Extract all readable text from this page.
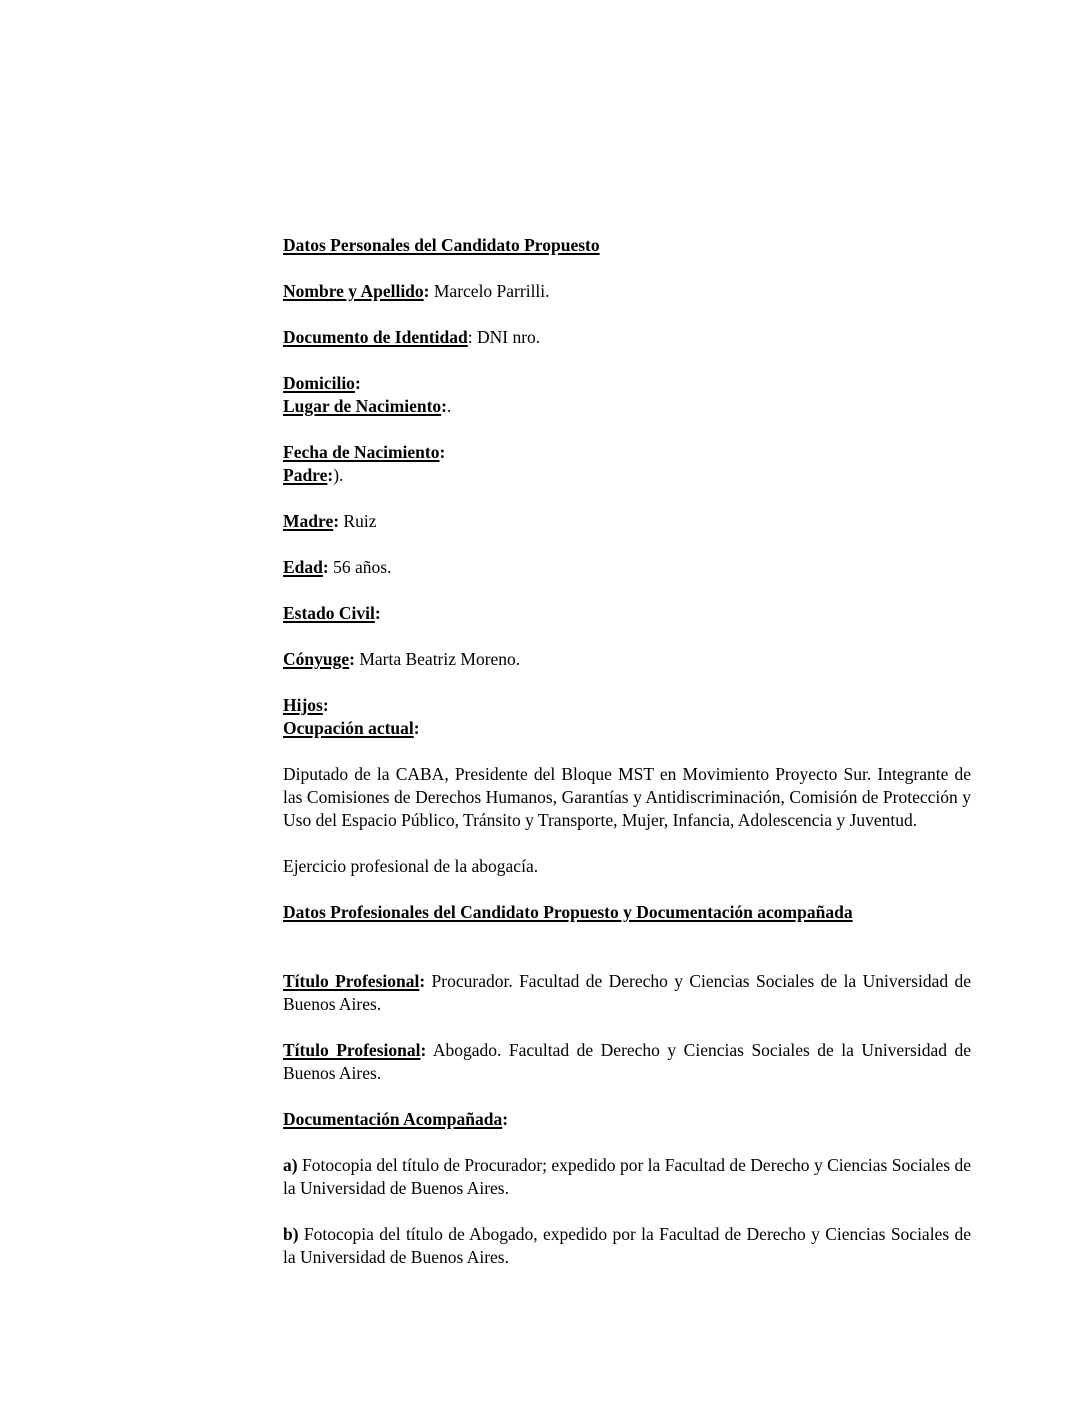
Datos Personales del Candidato Propuesto
Nombre y Apellido: Marcelo Parrilli.
Documento de Identidad: DNI nro.
Domicilio:
Lugar de Nacimiento:.
Fecha de Nacimiento:
Padre:).
Madre: Ruiz
Edad: 56 años.
Estado Civil:
Cónyuge: Marta Beatriz Moreno.
Hijos:
Ocupación actual:
Diputado de la CABA, Presidente del Bloque MST en Movimiento Proyecto Sur. Integrante de las Comisiones de Derechos Humanos, Garantías y Antidiscriminación, Comisión de Protección y Uso del Espacio Público, Tránsito y Transporte, Mujer, Infancia, Adolescencia y Juventud.
Ejercicio profesional de la abogacía.
Datos Profesionales del Candidato Propuesto y Documentación acompañada
Título Profesional: Procurador. Facultad de Derecho y Ciencias Sociales de la Universidad de Buenos Aires.
Título Profesional: Abogado. Facultad de Derecho y Ciencias Sociales de la Universidad de Buenos Aires.
Documentación Acompañada:
a) Fotocopia del título de Procurador; expedido por la Facultad de Derecho y Ciencias Sociales de la Universidad de Buenos Aires.
b) Fotocopia del título de Abogado, expedido por la Facultad de Derecho y Ciencias Sociales de la Universidad de Buenos Aires.
